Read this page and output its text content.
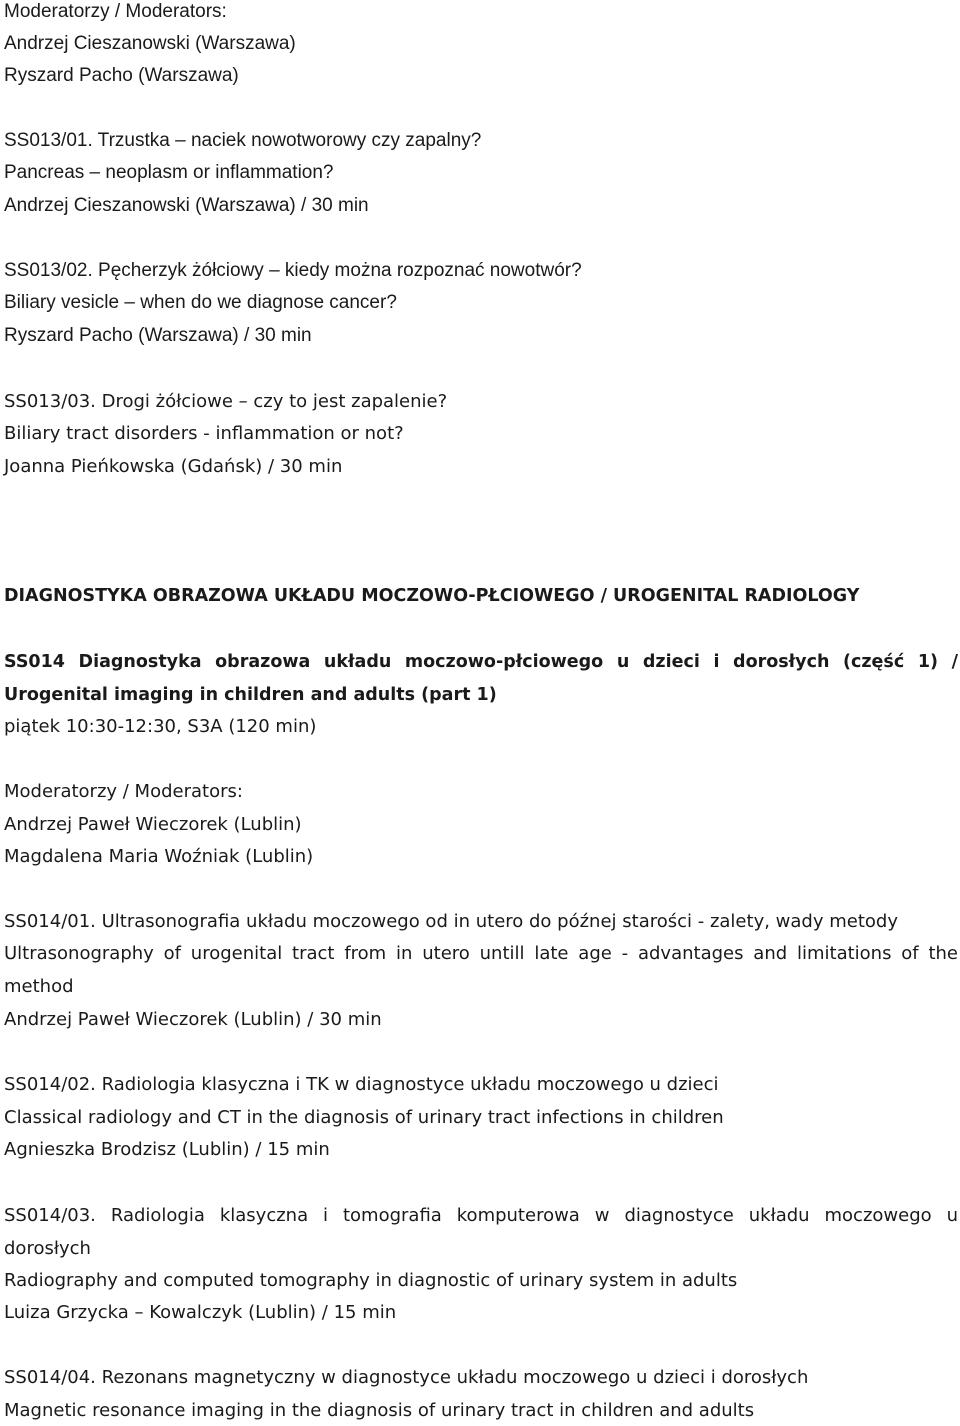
Moderatorzy / Moderators:
Andrzej Cieszanowski (Warszawa)
Ryszard Pacho (Warszawa)
SS013/01. Trzustka – naciek nowotworowy czy zapalny?
Pancreas – neoplasm or inflammation?
Andrzej Cieszanowski (Warszawa) / 30 min
SS013/02. Pęcherzyk żółciowy – kiedy można rozpoznać nowotwór?
Biliary vesicle – when do we diagnose cancer?
Ryszard Pacho (Warszawa) / 30 min
SS013/03. Drogi żółciowe – czy to jest zapalenie?
Biliary tract disorders - inflammation or not?
Joanna Pieńkowska (Gdańsk) / 30 min
DIAGNOSTYKA OBRAZOWA UKŁADU MOCZOWO-PŁCIOWEGO / UROGENITAL RADIOLOGY
SS014 Diagnostyka obrazowa układu moczowo-płciowego u dzieci i dorosłych (część 1) / Urogenital imaging in children and adults (part 1)
piątek 10:30-12:30, S3A (120 min)
Moderatorzy / Moderators:
Andrzej Paweł Wieczorek (Lublin)
Magdalena Maria Woźniak (Lublin)
SS014/01. Ultrasonografia układu moczowego od in utero do późnej starości - zalety, wady metody
Ultrasonography of urogenital tract from in utero untill late age - advantages and limitations of the method
Andrzej Paweł Wieczorek (Lublin) / 30 min
SS014/02. Radiologia klasyczna i TK w diagnostyce układu moczowego u dzieci
Classical radiology and CT in the diagnosis of urinary tract infections in children
Agnieszka Brodzisz (Lublin) / 15 min
SS014/03. Radiologia klasyczna i tomografia komputerowa w diagnostyce układu moczowego u dorosłych
Radiography and computed tomography in diagnostic of urinary system in adults
Luiza Grzycka – Kowalczyk (Lublin) / 15 min
SS014/04. Rezonans magnetyczny w diagnostyce układu moczowego u dzieci i dorosłych
Magnetic resonance imaging in the diagnosis of urinary tract in children and adults
